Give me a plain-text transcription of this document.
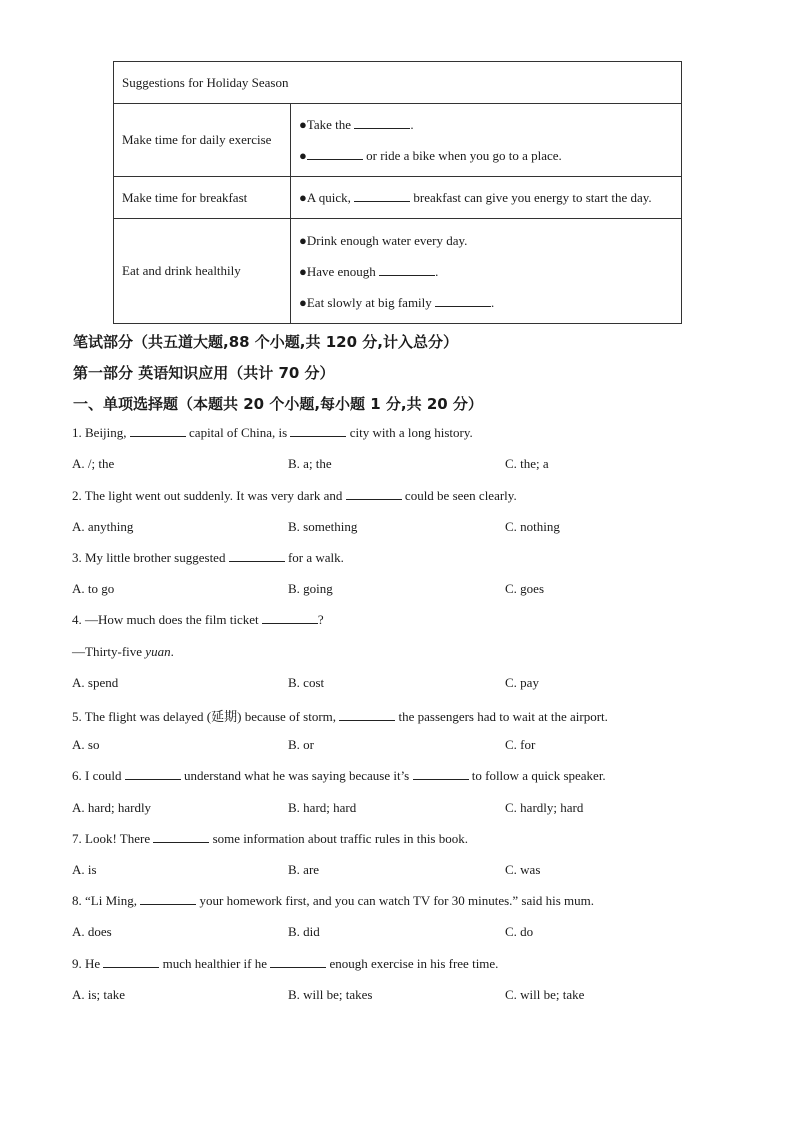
Suggestions for Holiday Season	
Make time for daily exercise	●Take the .
● or ride a bike when you go to a place.

Make time for breakfast	●A quick, breakfast can give you energy to start the day.

Eat and drink healthily	●Drink enough water every day.
●Have enough .
●Eat slowly at big family .
笔试部分（共五道大题,88 个小题,共 120 分,计入总分）
第一部分 英语知识应用（共计 70 分）
一、单项选择题（本题共 20 个小题,每小题 1 分,共 20 分）
1. Beijing,	capital of China, is	city with a long history.
A. /; the	B. a; the	C. the; a
2. The light went out suddenly. It was very dark and	could be seen clearly.
A. anything	B. something	C. nothing
3. My little brother suggested	for a walk.
A. to go	B. going	C. goes
4. —How much does the film ticket	?
—Thirty-five yuan.
A. spend	B. cost	C. pay
5. The flight was delayed (延期) because of storm,	the passengers had to wait at the airport.
A. so	B. or	C. for
6. I could	understand what he was saying because it’s	to follow a quick speaker.
A. hard; hardly	B. hard; hard	C. hardly; hard
7. Look! There	some information about traffic rules in this book.
A. is	B. are	C. was
8. “Li Ming,	your homework first, and you can watch TV for 30 minutes.” said his mum.
A. does	B. did	C. do
9. He	much healthier if he	enough exercise in his free time.
A. is; take	B. will be; takes	C. will be; take
